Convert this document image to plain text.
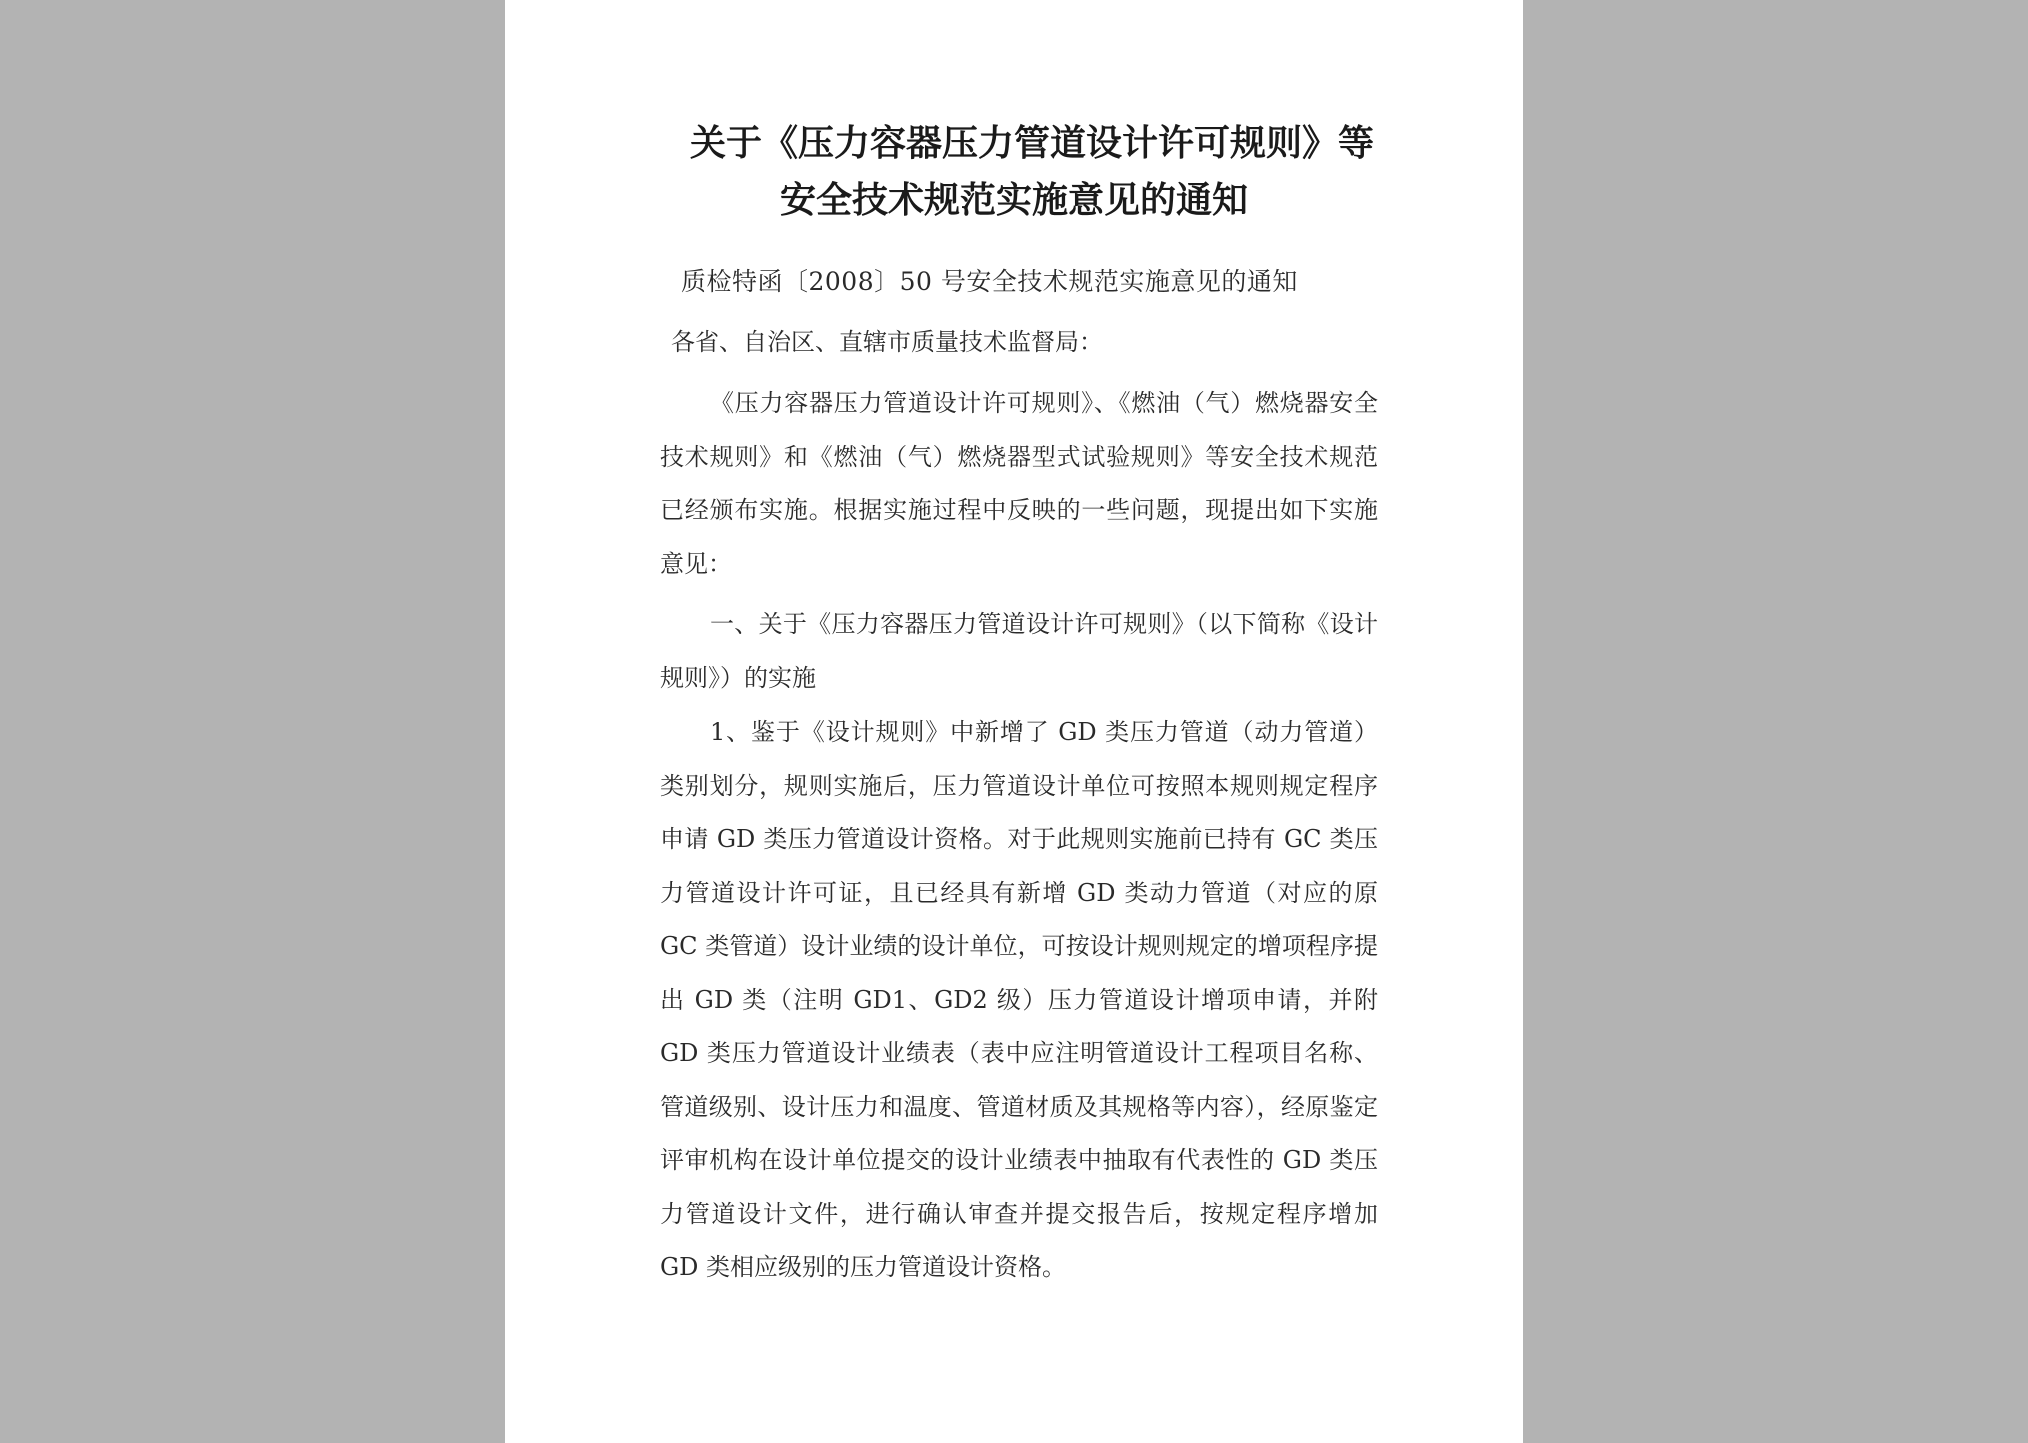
关于《压力容器压力管道设计许可规则》等
安全技术规范实施意见的通知

质检特函〔2008〕50 号安全技术规范实施意见的通知

各省、自治区、直辖市质量技术监督局：

《压力容器压力管道设计许可规则》、《燃油（气）燃烧器安全技术规则》和《燃油（气）燃烧器型式试验规则》等安全技术规范已经颁布实施。根据实施过程中反映的一些问题，现提出如下实施意见：

一、关于《压力容器压力管道设计许可规则》（以下简称《设计规则》）的实施

1、鉴于《设计规则》中新增了 GD 类压力管道（动力管道）类别划分，规则实施后，压力管道设计单位可按照本规则规定程序申请 GD 类压力管道设计资格。对于此规则实施前已持有 GC 类压力管道设计许可证，且已经具有新增 GD 类动力管道（对应的原 GC 类管道）设计业绩的设计单位，可按设计规则规定的增项程序提出 GD 类（注明 GD1、GD2 级）压力管道设计增项申请，并附 GD 类压力管道设计业绩表（表中应注明管道设计工程项目名称、管道级别、设计压力和温度、管道材质及其规格等内容），经原鉴定评审机构在设计单位提交的设计业绩表中抽取有代表性的 GD 类压力管道设计文件，进行确认审查并提交报告后，按规定程序增加 GD 类相应级别的压力管道设计资格。
